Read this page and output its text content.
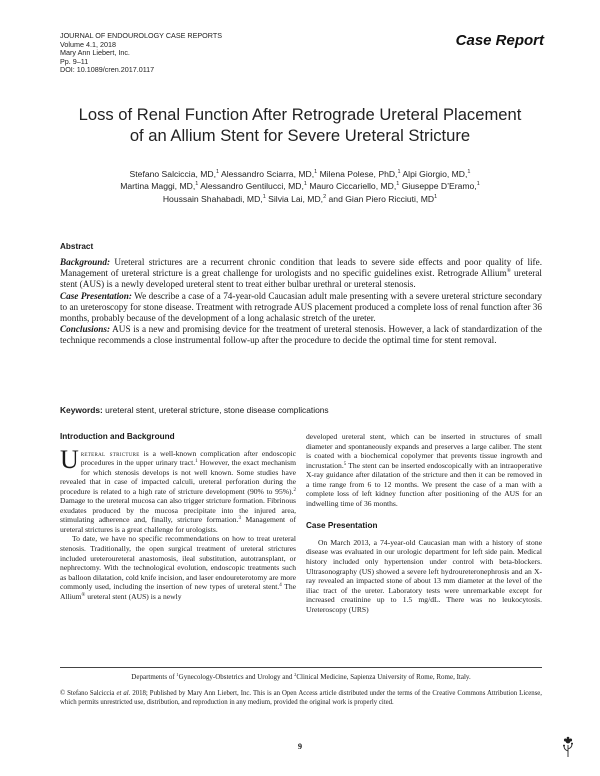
JOURNAL OF ENDOUROLOGY CASE REPORTS
Volume 4.1, 2018
Mary Ann Liebert, Inc.
Pp. 9–11
DOI: 10.1089/cren.2017.0117
Case Report
Loss of Renal Function After Retrograde Ureteral Placement
of an Allium Stent for Severe Ureteral Stricture
Stefano Salciccia, MD,$^1$ Alessandro Sciarra, MD,$^1$ Milena Polese, PhD,$^1$ Alpi Giorgio, MD,$^1$
Martina Maggi, MD,$^1$ Alessandro Gentilucci, MD,$^1$ Mauro Ciccariello, MD,$^1$ Giuseppe D’Eramo,$^1$
Houssain Shahabadi, MD,$^1$ Silvia Lai, MD,$^2$ and Gian Piero Ricciuti, $MD^1$
Abstract

Background: Ureteral strictures are a recurrent chronic condition that leads to severe side effects and poor quality of life. Management of ureteral stricture is a great challenge for urologists and no specific guidelines exist. Retrograde Allium® ureteral stent (AUS) is a newly developed ureteral stent to treat either bulbar urethral or ureteral stenosis.

Case Presentation: We describe a case of a 74-year-old Caucasian adult male presenting with a severe ureteral stricture secondary to an ureteroscopy for stone disease. Treatment with retrograde AUS placement produced a complete loss of renal function after 36 months, probably because of the development of a long achalasic stretch of the ureter.

Conclusions: AUS is a new and promising device for the treatment of ureteral stenosis. However, a lack of standardization of the technique recommends a close instrumental follow-up after the procedure to decide the optimal time for stent removal.

Keywords: ureteral stent, ureteral stricture, stone disease complications
Introduction and Background

Ureteral stricture is a well-known complication after endoscopic procedures in the upper urinary tract.$^1$ However, the exact mechanism for which stenosis develops is not well known. Some studies have revealed that in case of impacted calculi, ureteral perforation during the procedure is related to a high rate of stricture development (90% to 95%).$^2$ Damage to the ureteral mucosa can also trigger stricture formation. Fibrinous exudates produced by the mucosa precipitate into the injured area, stimulating adherence and, finally, stricture formation.$^3$ Management of ureteral strictures is a great challenge for urologists.

To date, we have no specific recommendations on how to treat ureteral stenosis. Traditionally, the open surgical treatment of ureteral strictures included ureteroureteral anastomosis, ileal substitution, autotransplant, or nephrectomy. With the technological evolution, endoscopic treatments such as balloon dilatation, cold knife incision, and laser endoureterotomy are more commonly used, including the insertion of new types of ureteral stent.$^4$ The Allium® ureteral stent (AUS) is a newly

developed ureteral stent, which can be inserted in structures of small diameter and spontaneously expands and preserves a large caliber. The stent is coated with a biochemical copolymer that prevents tissue ingrowth and incrustation.$^5$ The stent can be inserted endoscopically with an intraoperative X-ray guidance after dilatation of the stricture and then it can be removed in a time range from 6 to 12 months. We present the case of a man with a complete loss of left kidney function after positioning of the AUS for an indwelling time of 36 months.

Case Presentation

On March 2013, a 74-year-old Caucasian man with a history of stone disease was evaluated in our urologic department for left side pain. Medical history included only hypertension under control with beta-blockers. Ultrasonography (US) showed a severe left hydroureteronephrosis and an X-ray revealed an impacted stone of about 13 mm diameter at the level of the iliac tract of the ureter. Laboratory tests were unremarkable except for increased creatinine up to 1.5 mg/dL. There was no leukocytosis. Ureteroscopy (URS)

Departments of $^1$Gynecology-Obstetrics and Urology and $^2$Clinical Medicine, Sapienza University of Rome, Rome, Italy.
© Stefano Salciccia et al. 2018; Published by Mary Ann Liebert, Inc. This is an Open Access article distributed under the terms of the Creative Commons Attribution License, which permits unrestricted use, distribution, and reproduction in any medium, provided the original work is properly cited.
9
